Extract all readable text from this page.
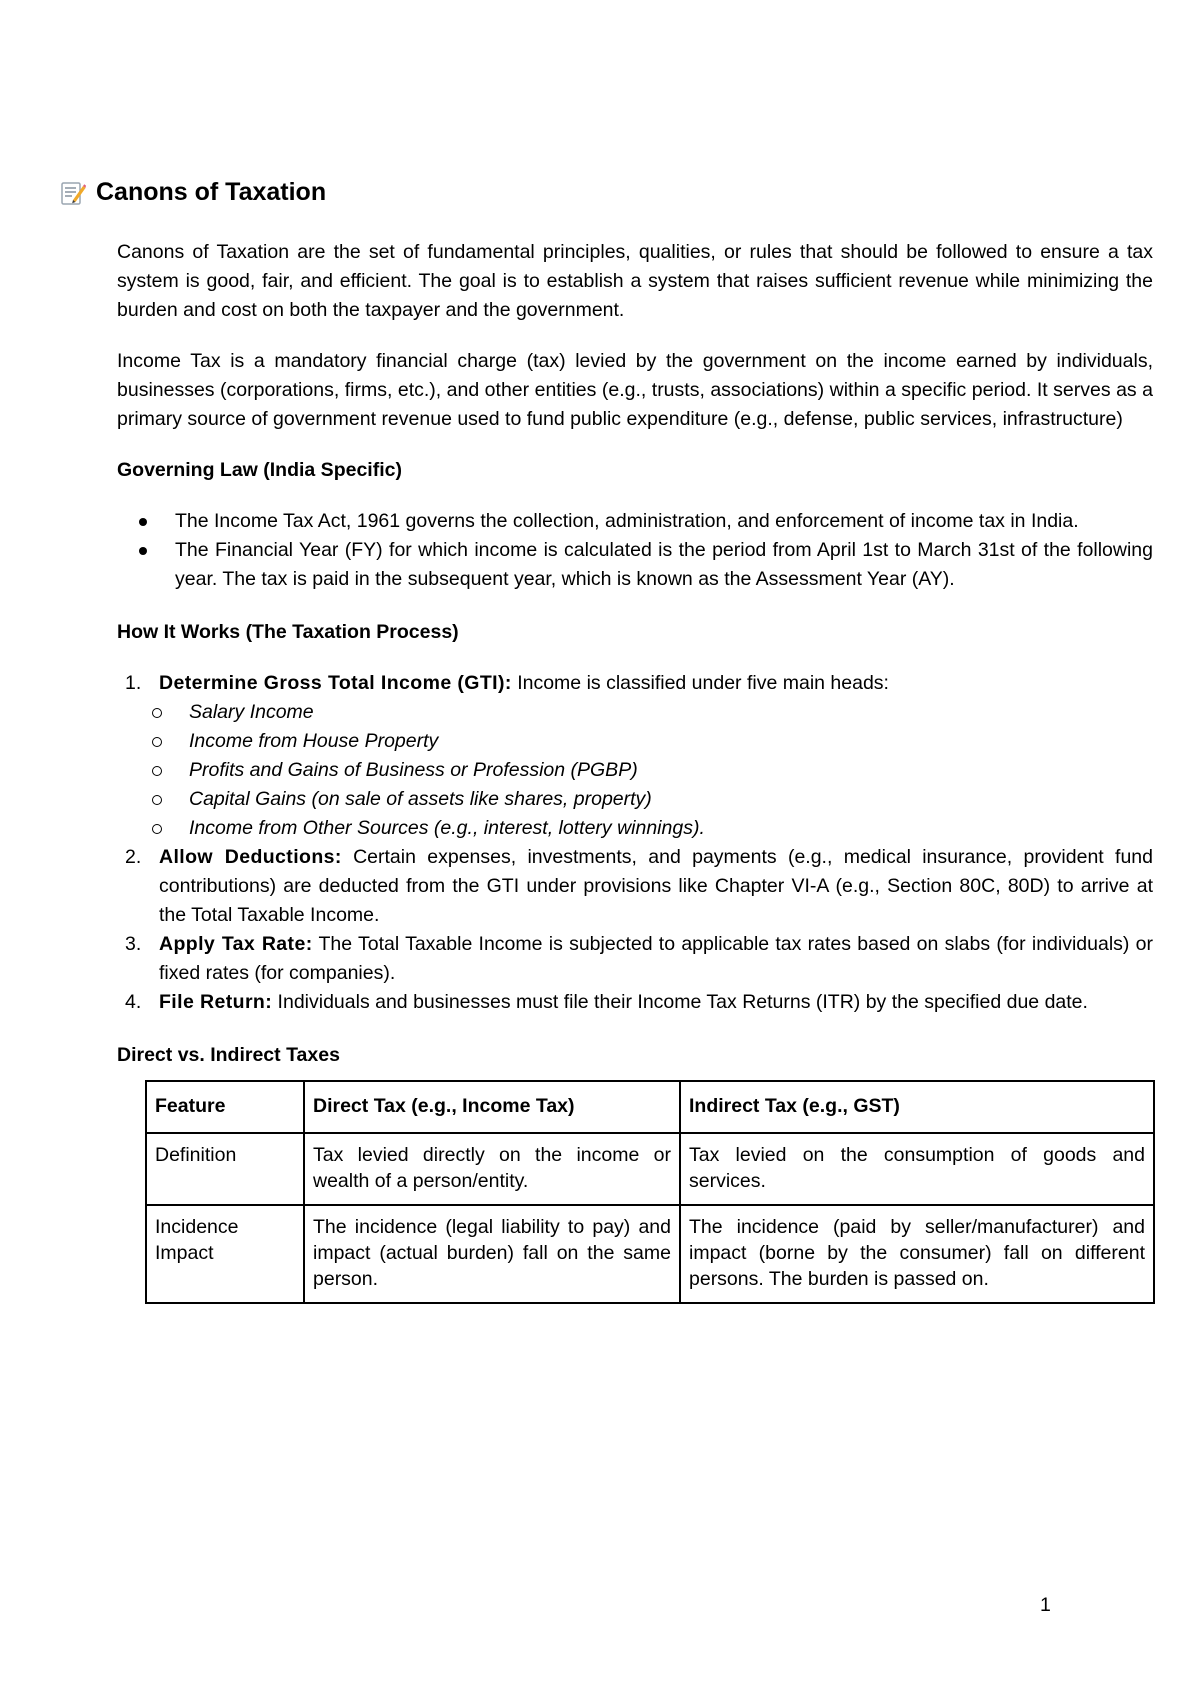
Canons of Taxation

Canons of Taxation are the set of fundamental principles, qualities, or rules that should be followed to ensure a tax system is good, fair, and efficient. The goal is to establish a system that raises sufficient revenue while minimizing the burden and cost on both the taxpayer and the government.

Income Tax is a mandatory financial charge (tax) levied by the government on the income earned by individuals, businesses (corporations, firms, etc.), and other entities (e.g., trusts, associations) within a specific period. It serves as a primary source of government revenue used to fund public expenditure (e.g., defense, public services, infrastructure)

Governing Law (India Specific)
The Income Tax Act, 1961 governs the collection, administration, and enforcement of income tax in India.
The Financial Year (FY) for which income is calculated is the period from April 1st to March 31st of the following year. The tax is paid in the subsequent year, which is known as the Assessment Year (AY).
How It Works (The Taxation Process)
1. Determine Gross Total Income (GTI): Income is classified under five main heads:
Salary Income
Income from House Property
Profits and Gains of Business or Profession (PGBP)
Capital Gains (on sale of assets like shares, property)
Income from Other Sources (e.g., interest, lottery winnings).
2. Allow Deductions: Certain expenses, investments, and payments (e.g., medical insurance, provident fund contributions) are deducted from the GTI under provisions like Chapter VI-A (e.g., Section 80C, 80D) to arrive at the Total Taxable Income.
3. Apply Tax Rate: The Total Taxable Income is subjected to applicable tax rates based on slabs (for individuals) or fixed rates (for companies).
4. File Return: Individuals and businesses must file their Income Tax Returns (ITR) by the specified due date.
Direct vs. Indirect Taxes
Feature	Direct Tax (e.g., Income Tax)	Indirect Tax (e.g., GST)
Definition	Tax levied directly on the income or wealth of a person/entity.	Tax levied on the consumption of goods and services.
Incidence Impact	The incidence (legal liability to pay) and impact (actual burden) fall on the same person.	The incidence (paid by seller/manufacturer) and impact (borne by the consumer) fall on different persons. The burden is passed on.
1
